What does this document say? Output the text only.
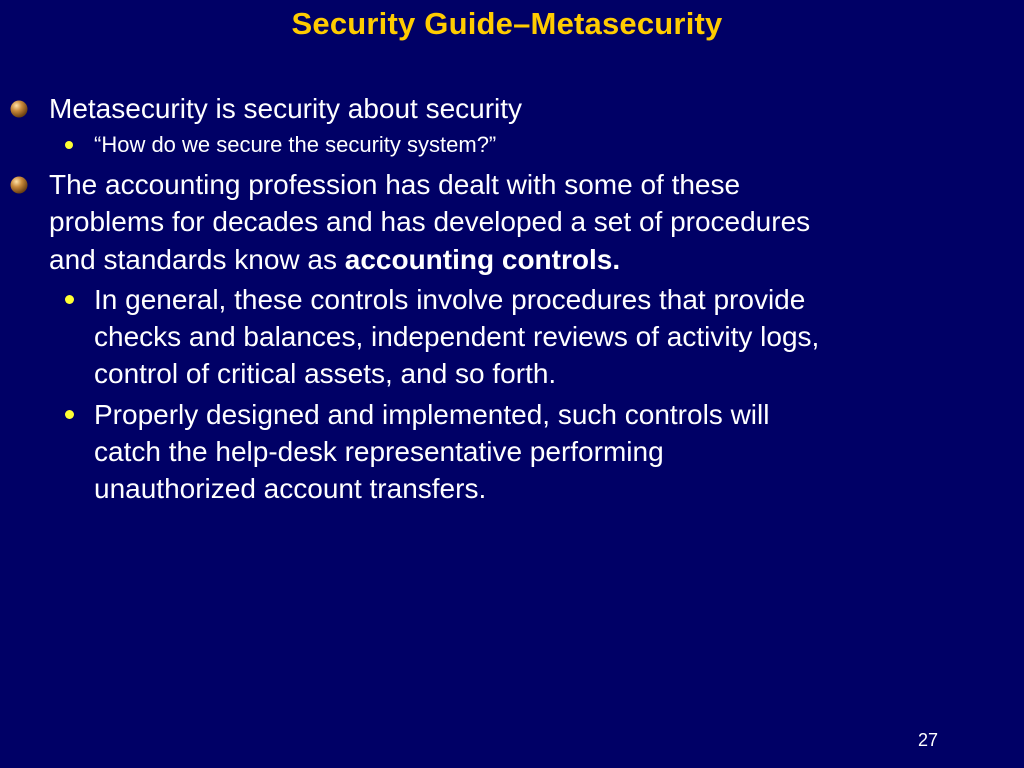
Security Guide–Metasecurity
Metasecurity is security about security
“How do we secure the security system?”
The accounting profession has dealt with some of these
problems for decades and has developed a set of procedures
and standards know as accounting controls.
In general, these controls involve procedures that provide
checks and balances, independent reviews of activity logs,
control of critical assets, and so forth.
Properly designed and implemented, such controls will
catch the help-desk representative performing
unauthorized account transfers.
27
